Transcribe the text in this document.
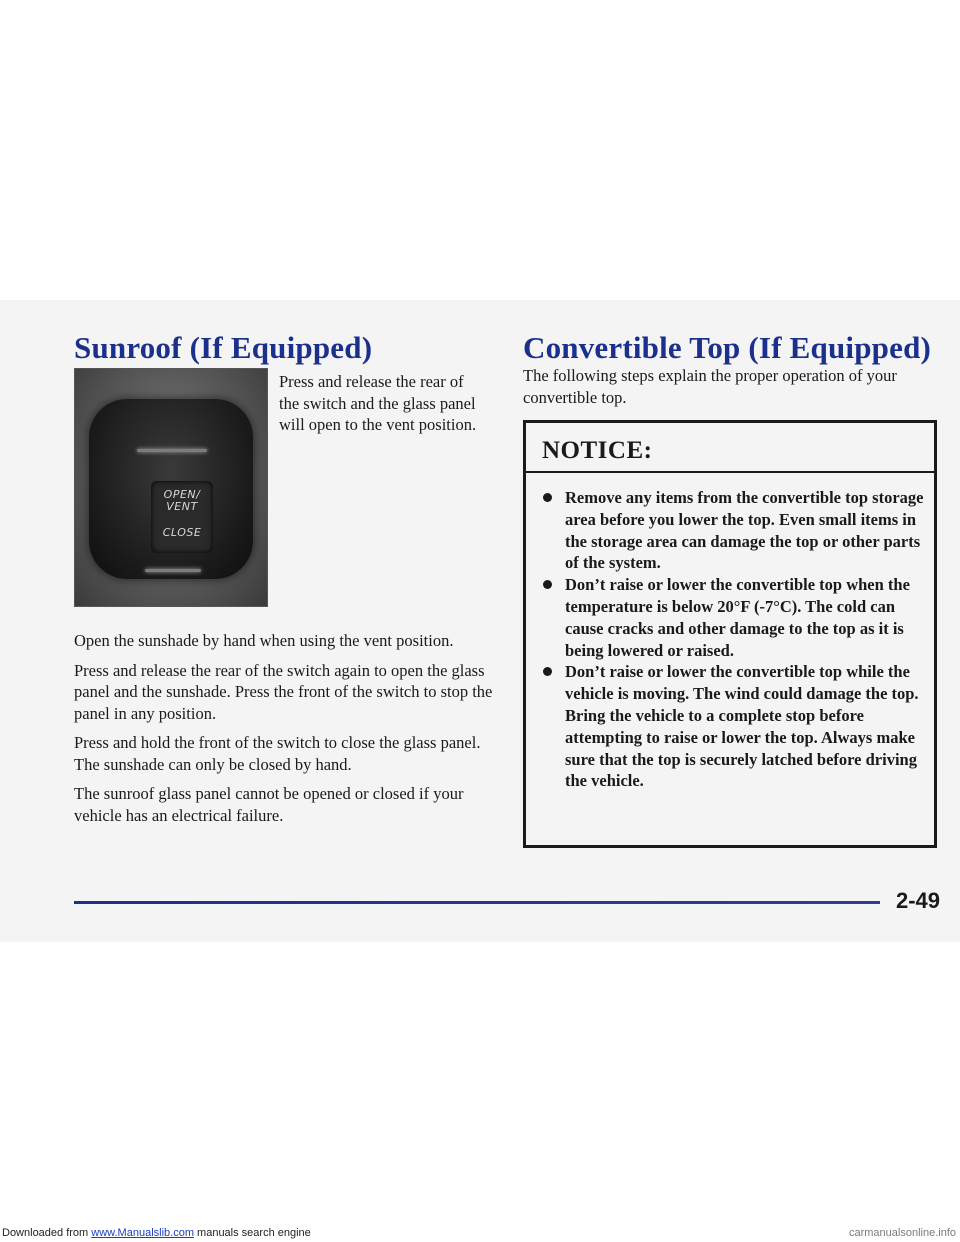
Sunroof (If Equipped)
OPEN/
VENT
CLOSE

Press and release the rear of the switch and the glass panel will open to the vent position.

Open the sunshade by hand when using the vent position.

Press and release the rear of the switch again to open the glass panel and the sunshade. Press the front of the switch to stop the panel in any position.

Press and hold the front of the switch to close the glass panel. The sunshade can only be closed by hand.

The sunroof glass panel cannot be opened or closed if your vehicle has an electrical failure.

Convertible Top (If Equipped)

The following steps explain the proper operation of your convertible top.

NOTICE:

Remove any items from the convertible top storage area before you lower the top. Even small items in the storage area can damage the top or other parts of the system.
Don’t raise or lower the convertible top when the temperature is below 20°F (-7°C). The cold can cause cracks and other damage to the top as it is being lowered or raised.
Don’t raise or lower the convertible top while the vehicle is moving. The wind could damage the top. Bring the vehicle to a complete stop before attempting to raise or lower the top. Always make sure that the top is securely latched before driving the vehicle.

2-49

Downloaded from www.Manualslib.com manuals search engine	carmanualsonline.info
